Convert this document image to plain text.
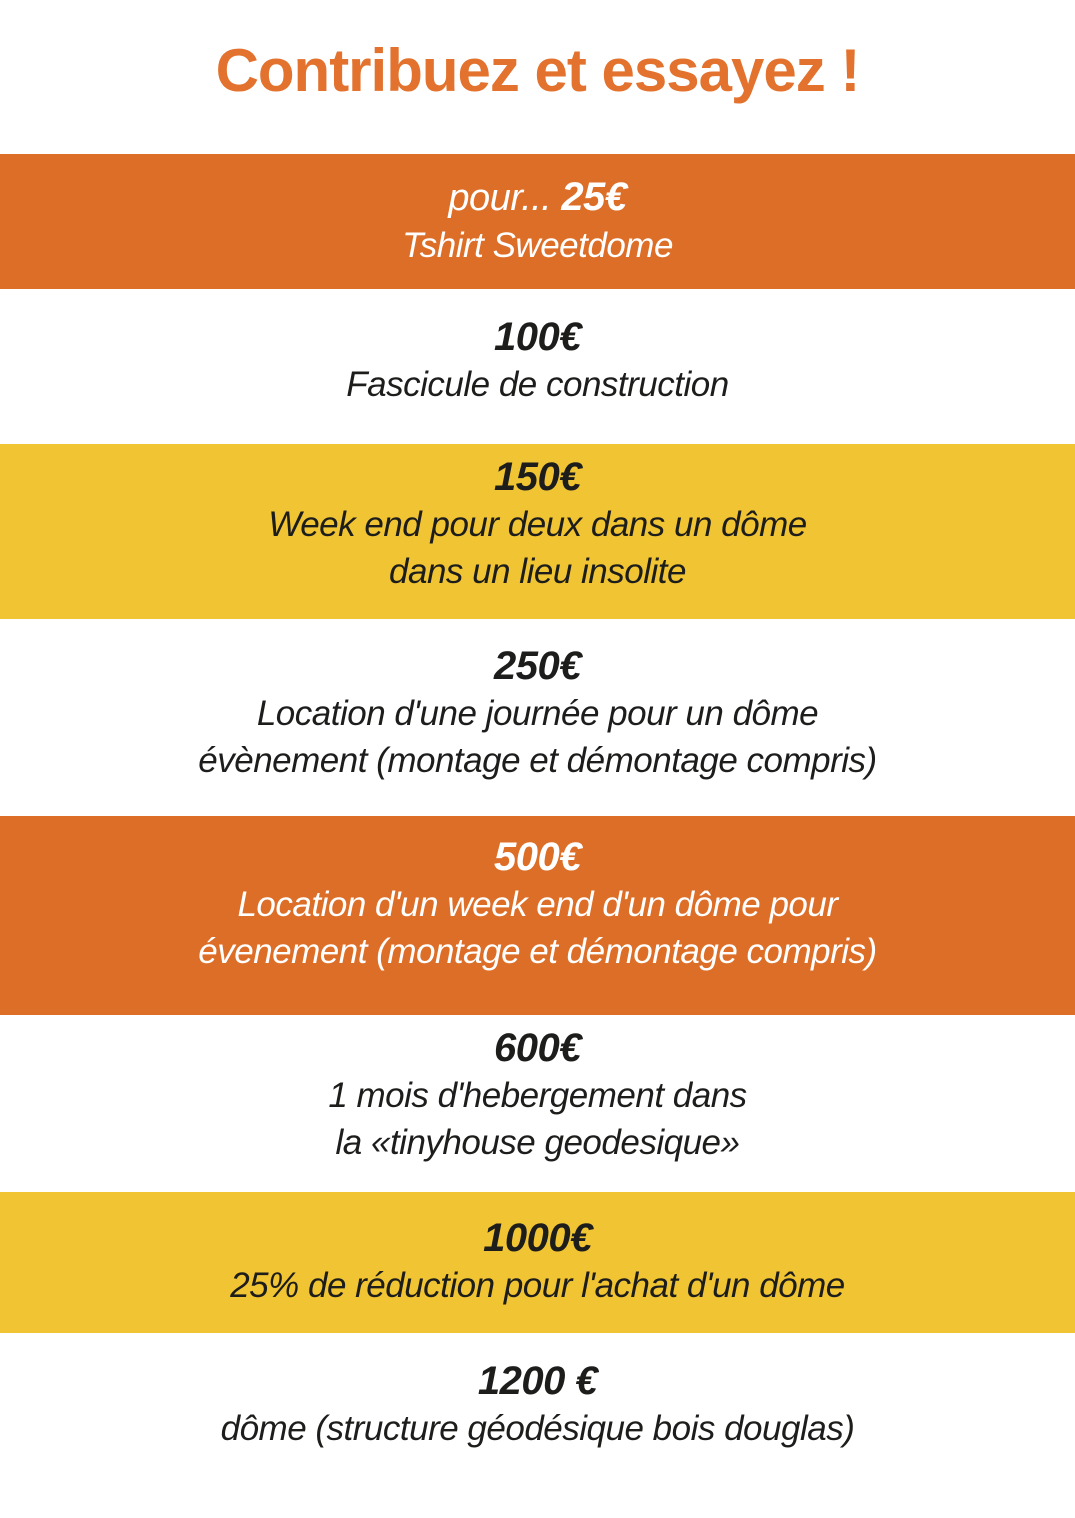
Contribuez et essayez !
pour... 25€
Tshirt Sweetdome
100€
Fascicule de construction
150€
Week end pour deux dans un dôme
dans un lieu insolite
250€
Location d'une journée pour un dôme
évènement (montage et démontage compris)
500€
Location d'un week end d'un dôme pour
évenement (montage et démontage compris)
600€
1 mois d'hebergement dans
la «tinyhouse geodesique»
1000€
25% de réduction pour l'achat d'un dôme
1200 €
dôme (structure géodésique bois douglas)
